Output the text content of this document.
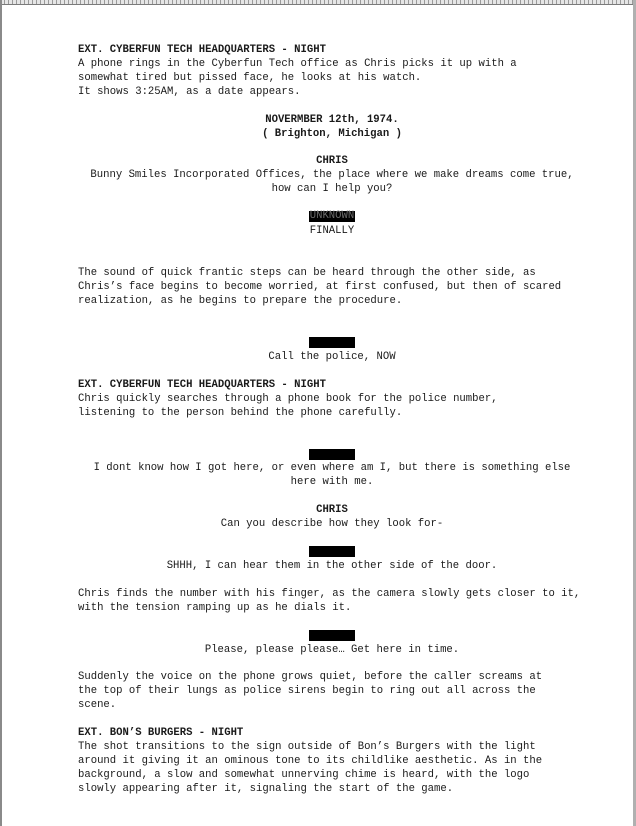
EXT. CYBERFUN TECH HEADQUARTERS - NIGHT

A phone rings in the Cyberfun Tech office as Chris picks it up with a
somewhat tired but pissed face, he looks at his watch.
It shows 3:25AM, as a date appears.

NOVERMBER 12th, 1974.

( Brighton, Michigan )

CHRIS

Bunny Smiles Incorporated Offices, the place where we make dreams come true,
how can I help you?

UNKNOWN

FINALLY

The sound of quick frantic steps can be heard through the other side, as
Chris’s face begins to become worried, at first confused, but then of scared
realization, as he begins to prepare the procedure.

Call the police, NOW

EXT. CYBERFUN TECH HEADQUARTERS - NIGHT

Chris quickly searches through a phone book for the police number,
listening to the person behind the phone carefully.

I dont know how I got here, or even where am I, but there is something else
here with me.

CHRIS

Can you describe how they look for-

SHHH, I can hear them in the other side of the door.

Chris finds the number with his finger, as the camera slowly gets closer to it,
with the tension ramping up as he dials it.

Please, please please… Get here in time.

Suddenly the voice on the phone grows quiet, before the caller screams at
the top of their lungs as police sirens begin to ring out all across the
scene.

EXT. BON’S BURGERS - NIGHT

The shot transitions to the sign outside of Bon’s Burgers with the light
around it giving it an ominous tone to its childlike aesthetic. As in the
background, a slow and somewhat unnerving chime is heard, with the logo
slowly appearing after it, signaling the start of the game.
